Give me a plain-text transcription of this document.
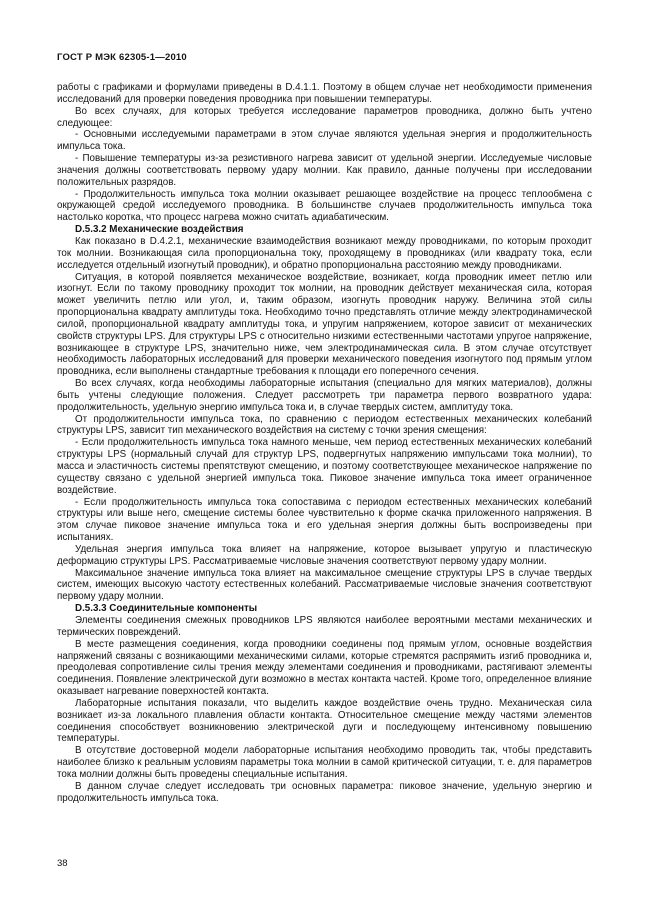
ГОСТ Р МЭК 62305-1—2010

работы с графиками и формулами приведены в D.4.1.1. Поэтому в общем случае нет необходимости применения исследований для проверки поведения проводника при повышении температуры.

Во всех случаях, для которых требуется исследование параметров проводника, должно быть учтено следующее:

- Основными исследуемыми параметрами в этом случае являются удельная энергия и продолжительность импульса тока.

- Повышение температуры из-за резистивного нагрева зависит от удельной энергии. Исследуемые числовые значения должны соответствовать первому удару молнии. Как правило, данные получены при исследовании положительных разрядов.

- Продолжительность импульса тока молнии оказывает решающее воздействие на процесс теплообмена с окружающей средой исследуемого проводника. В большинстве случаев продолжительность импульса тока настолько коротка, что процесс нагрева можно считать адиабатическим.

D.5.3.2 Механические воздействия

Как показано в D.4.2.1, механические взаимодействия возникают между проводниками, по которым проходит ток молнии. Возникающая сила пропорциональна току, проходящему в проводниках (или квадрату тока, если исследуется отдельный изогнутый проводник), и обратно пропорциональна расстоянию между проводниками.

Ситуация, в которой появляется механическое воздействие, возникает, когда проводник имеет петлю или изогнут. Если по такому проводнику проходит ток молнии, на проводник действует механическая сила, которая может увеличить петлю или угол, и, таким образом, изогнуть проводник наружу. Величина этой силы пропорциональна квадрату амплитуды тока. Необходимо точно представлять отличие между электродинамической силой, пропорциональной квадрату амплитуды тока, и упругим напряжением, которое зависит от механических свойств структуры LPS. Для структуры LPS с относительно низкими естественными частотами упругое напряжение, возникающее в структуре LPS, значительно ниже, чем электродинамическая сила. В этом случае отсутствует необходимость лабораторных исследований для проверки механического поведения изогнутого под прямым углом проводника, если выполнены стандартные требования к площади его поперечного сечения.

Во всех случаях, когда необходимы лабораторные испытания (специально для мягких материалов), должны быть учтены следующие положения. Следует рассмотреть три параметра первого возвратного удара: продолжительность, удельную энергию импульса тока и, в случае твердых систем, амплитуду тока.

От продолжительности импульса тока, по сравнению с периодом естественных механических колебаний структуры LPS, зависит тип механического воздействия на систему с точки зрения смещения:

- Если продолжительность импульса тока намного меньше, чем период естественных механических колебаний структуры LPS (нормальный случай для структур LPS, подвергнутых напряжению импульсами тока молнии), то масса и эластичность системы препятствуют смещению, и поэтому соответствующее механическое напряжение по существу связано с удельной энергией импульса тока. Пиковое значение импульса тока имеет ограниченное воздействие.

- Если продолжительность импульса тока сопоставима с периодом естественных механических колебаний структуры или выше него, смещение системы более чувствительно к форме скачка приложенного напряжения. В этом случае пиковое значение импульса тока и его удельная энергия должны быть воспроизведены при испытаниях.

Удельная энергия импульса тока влияет на напряжение, которое вызывает упругую и пластическую деформацию структуры LPS. Рассматриваемые числовые значения соответствуют первому удару молнии.

Максимальное значение импульса тока влияет на максимальное смещение структуры LPS в случае твердых систем, имеющих высокую частоту естественных колебаний. Рассматриваемые числовые значения соответствуют первому удару молнии.

D.5.3.3 Соединительные компоненты

Элементы соединения смежных проводников LPS являются наиболее вероятными местами механических и термических повреждений.

В месте размещения соединения, когда проводники соединены под прямым углом, основные воздействия напряжений связаны с возникающими механическими силами, которые стремятся распрямить изгиб проводника и, преодолевая сопротивление силы трения между элементами соединения и проводниками, растягивают элементы соединения. Появление электрической дуги возможно в местах контакта частей. Кроме того, определенное влияние оказывает нагревание поверхностей контакта.

Лабораторные испытания показали, что выделить каждое воздействие очень трудно. Механическая сила возникает из-за локального плавления области контакта. Относительное смещение между частями элементов соединения способствует возникновению электрической дуги и последующему интенсивному повышению температуры.

В отсутствие достоверной модели лабораторные испытания необходимо проводить так, чтобы представить наиболее близко к реальным условиям параметры тока молнии в самой критической ситуации, т. е. для параметров тока молнии должны быть проведены специальные испытания.

В данном случае следует исследовать три основных параметра: пиковое значение, удельную энергию и продолжительность импульса тока.

38
